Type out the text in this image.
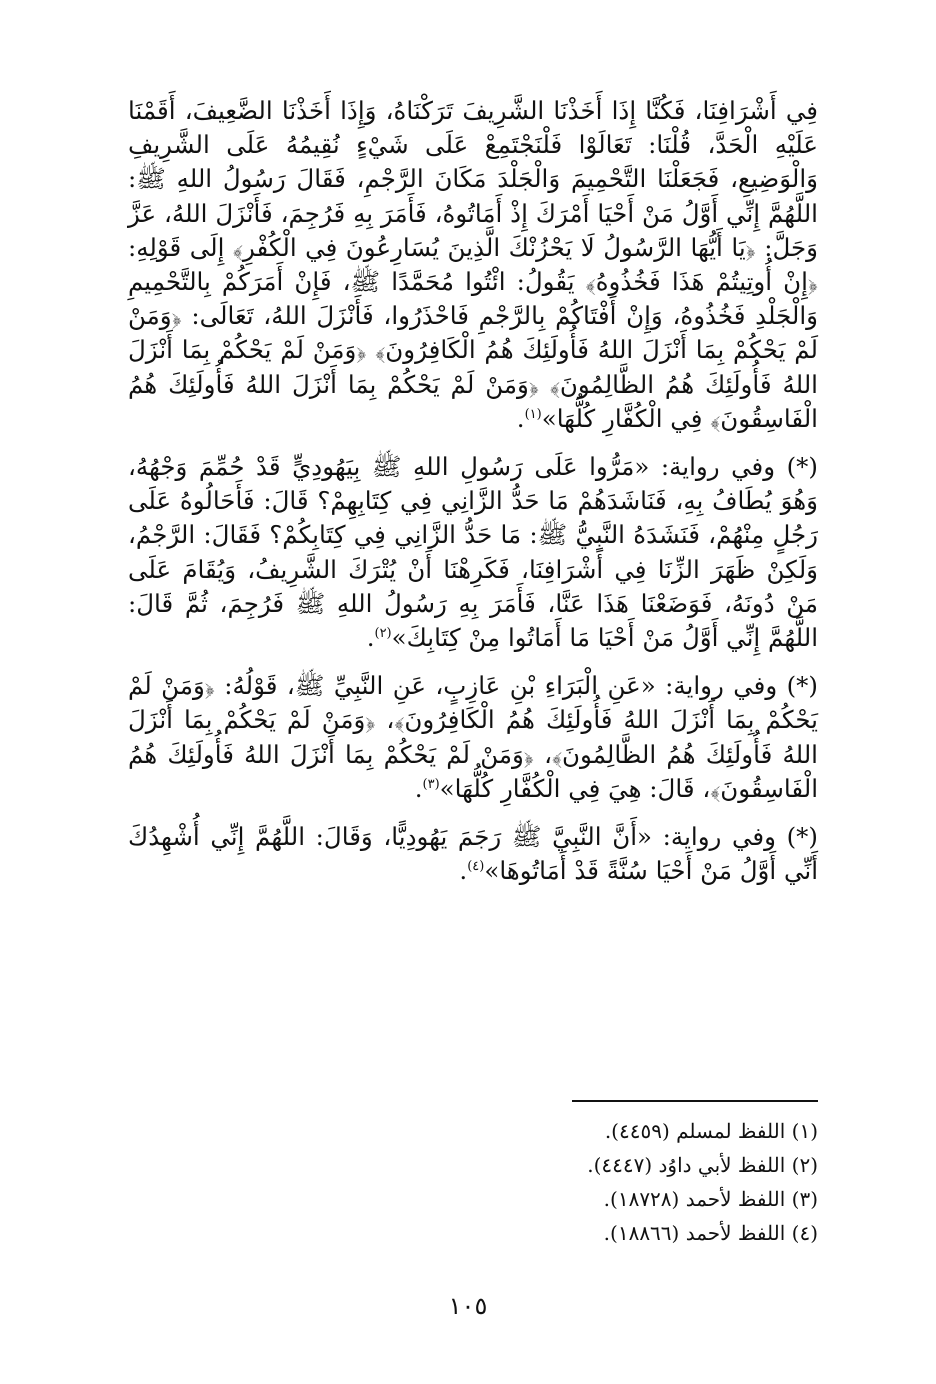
فِي أَشْرَافِنَا، فَكُنَّا إِذَا أَخَذْنَا الشَّرِيفَ تَرَكْنَاهُ، وَإِذَا أَخَذْنَا الضَّعِيفَ، أَقَمْنَا عَلَيْهِ الْحَدَّ، قُلْنَا: تَعَالَوْا فَلْنَجْتَمِعْ عَلَى شَيْءٍ نُقِيمُهُ عَلَى الشَّرِيفِ وَالْوَضِيعِ، فَجَعَلْنَا التَّحْمِيمَ وَالْجَلْدَ مَكَانَ الرَّجْمِ، فَقَالَ رَسُولُ اللهِ ﷺ: اللَّهُمَّ إِنِّي أَوَّلُ مَنْ أَحْيَا أَمْرَكَ إِذْ أَمَاتُوهُ، فَأَمَرَ بِهِ فَرُجِمَ، فَأَنْزَلَ اللهُ، عَزَّ وَجَلَّ: ﴿يَا أَيُّهَا الرَّسُولُ لَا يَحْزُنْكَ الَّذِينَ يُسَارِعُونَ فِي الْكُفْرِ﴾ إِلَى قَوْلِهِ: ﴿إِنْ أُوتِيتُمْ هَذَا فَخُذُوهُ﴾ يَقُولُ: ائْتُوا مُحَمَّدًا ﷺ، فَإِنْ أَمَرَكُمْ بِالتَّحْمِيمِ وَالْجَلْدِ فَخُذُوهُ، وَإِنْ أَفْتَاكُمْ بِالرَّجْمِ فَاحْذَرُوا، فَأَنْزَلَ اللهُ، تَعَالَى: ﴿وَمَنْ لَمْ يَحْكُمْ بِمَا أَنْزَلَ اللهُ فَأُولَئِكَ هُمُ الْكَافِرُونَ﴾ ﴿وَمَنْ لَمْ يَحْكُمْ بِمَا أَنْزَلَ اللهُ فَأُولَئِكَ هُمُ الظَّالِمُونَ﴾ ﴿وَمَنْ لَمْ يَحْكُمْ بِمَا أَنْزَلَ اللهُ فَأُولَئِكَ هُمُ الْفَاسِقُونَ﴾ فِي الْكُفَّارِ كُلُّهَا»$^{(١)}$.

(*) وفي رواية: «مَرُّوا عَلَى رَسُولِ اللهِ ﷺ بِيَهُودِيٍّ قَدْ حُمِّمَ وَجْهُهُ، وَهُوَ يُطَافُ بِهِ، فَنَاشَدَهُمْ مَا حَدُّ الزَّانِي فِي كِتَابِهِمْ؟ قَالَ: فَأَحَالُوهُ عَلَى رَجُلٍ مِنْهُمْ، فَنَشَدَهُ النَّبِيُّ ﷺ: مَا حَدُّ الزَّانِي فِي كِتَابِكُمْ؟ فَقَالَ: الرَّجْمُ، وَلَكِنْ ظَهَرَ الزِّنَا فِي أَشْرَافِنَا، فَكَرِهْنَا أَنْ يُتْرَكَ الشَّرِيفُ، وَيُقَامَ عَلَى مَنْ دُونَهُ، فَوَضَعْنَا هَذَا عَنَّا، فَأَمَرَ بِهِ رَسُولُ اللهِ ﷺ فَرُجِمَ، ثُمَّ قَالَ: اللَّهُمَّ إِنِّي أَوَّلُ مَنْ أَحْيَا مَا أَمَاتُوا مِنْ كِتَابِكَ»$^{(٢)}$.

(*) وفي رواية: «عَنِ الْبَرَاءِ بْنِ عَازِبٍ، عَنِ النَّبِيِّ ﷺ، قَوْلُهُ: ﴿وَمَنْ لَمْ يَحْكُمْ بِمَا أَنْزَلَ اللهُ فَأُولَئِكَ هُمُ الْكَافِرُونَ﴾، ﴿وَمَنْ لَمْ يَحْكُمْ بِمَا أَنْزَلَ اللهُ فَأُولَئِكَ هُمُ الظَّالِمُونَ﴾، ﴿وَمَنْ لَمْ يَحْكُمْ بِمَا أَنْزَلَ اللهُ فَأُولَئِكَ هُمُ الْفَاسِقُونَ﴾، قَالَ: هِيَ فِي الْكُفَّارِ كُلُّهَا»$^{(٣)}$.

(*) وفي رواية: «أَنَّ النَّبِيَّ ﷺ رَجَمَ يَهُودِيًّا، وَقَالَ: اللَّهُمَّ إِنِّي أُشْهِدُكَ أَنِّي أَوَّلُ مَنْ أَحْيَا سُنَّةً قَدْ أَمَاتُوهَا»$^{(٤)}$.

(١) اللفظ لمسلم (٤٤٥٩).
(٢) اللفظ لأبي داوُد (٤٤٤٧).
(٣) اللفظ لأحمد (١٨٧٢٨).
(٤) اللفظ لأحمد (١٨٨٦٦).
١٠٥
